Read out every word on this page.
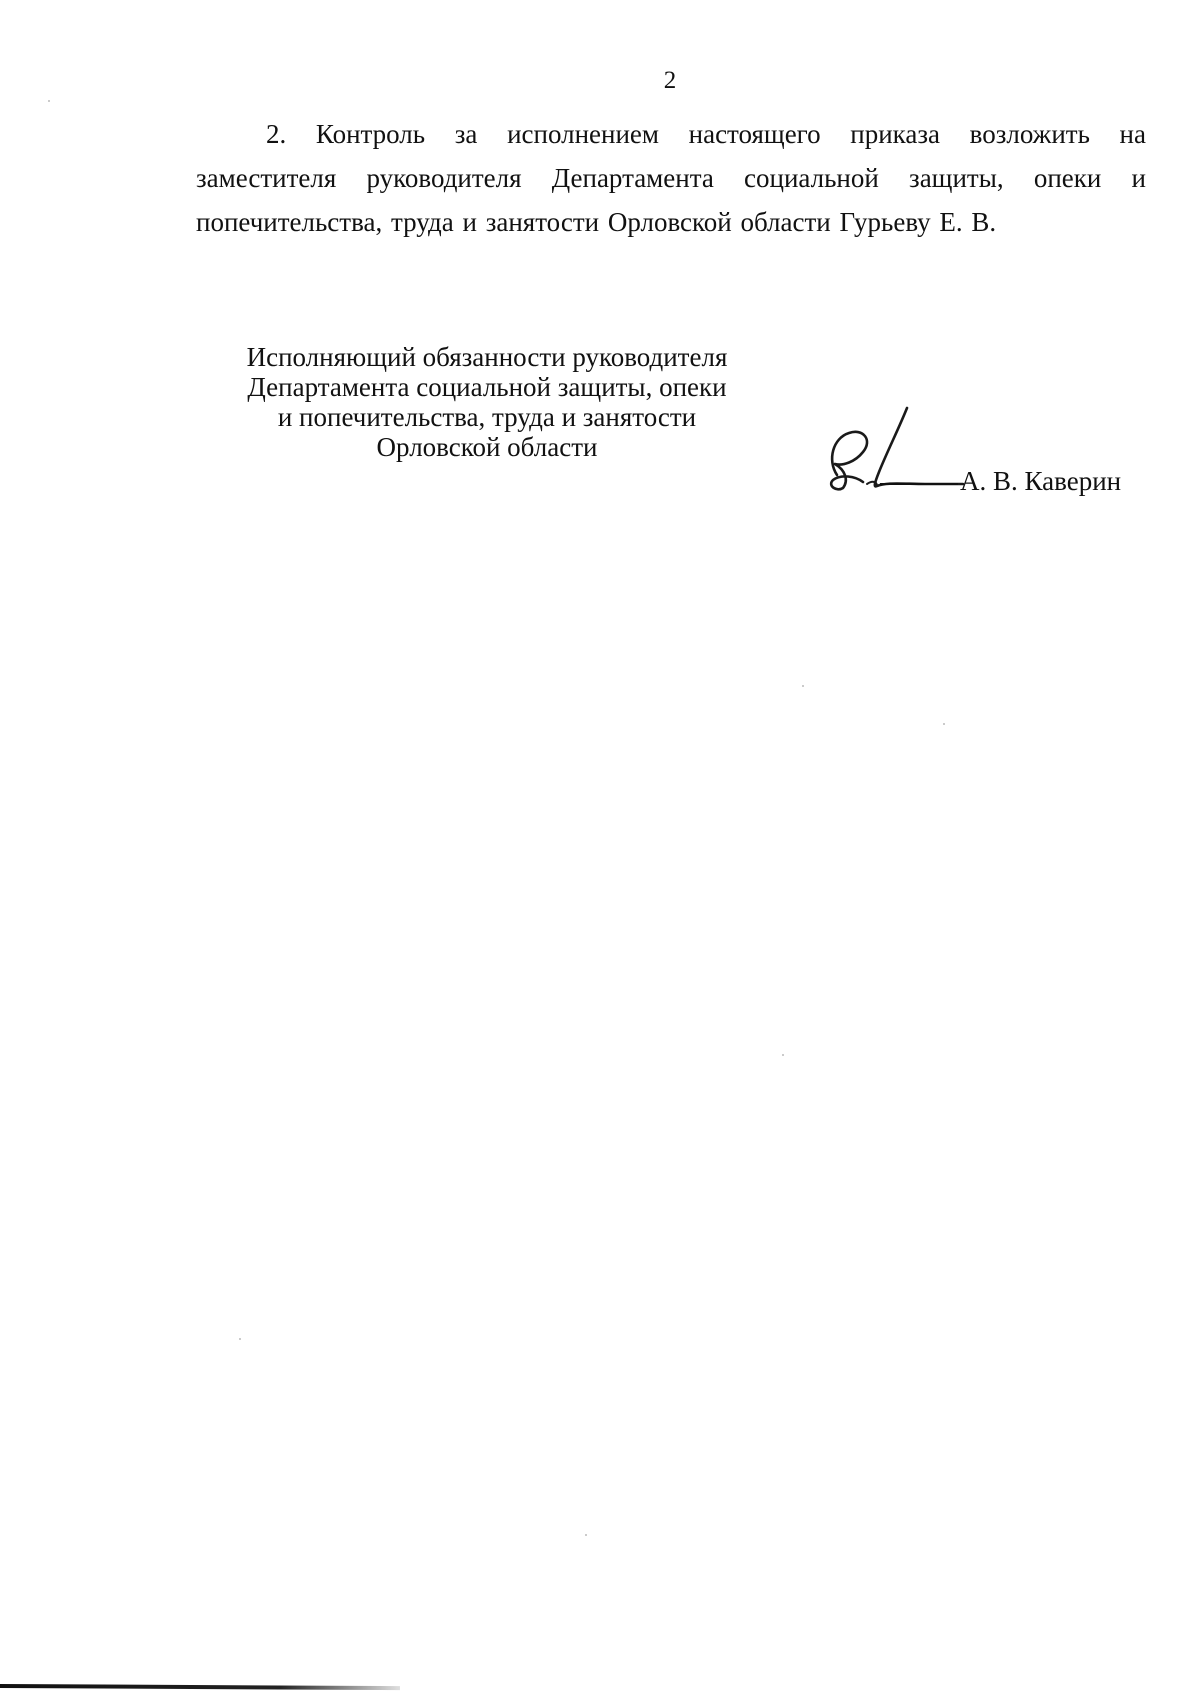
2

2. Контроль за исполнением настоящего приказа возложить на заместителя руководителя Департамента социальной защиты, опеки и попечительства, труда и занятости Орловской области Гурьеву Е. В.

Исполняющий обязанности руководителя
Департамента социальной защиты, опеки
и попечительства, труда и занятости
Орловской области
А. В. Каверин
